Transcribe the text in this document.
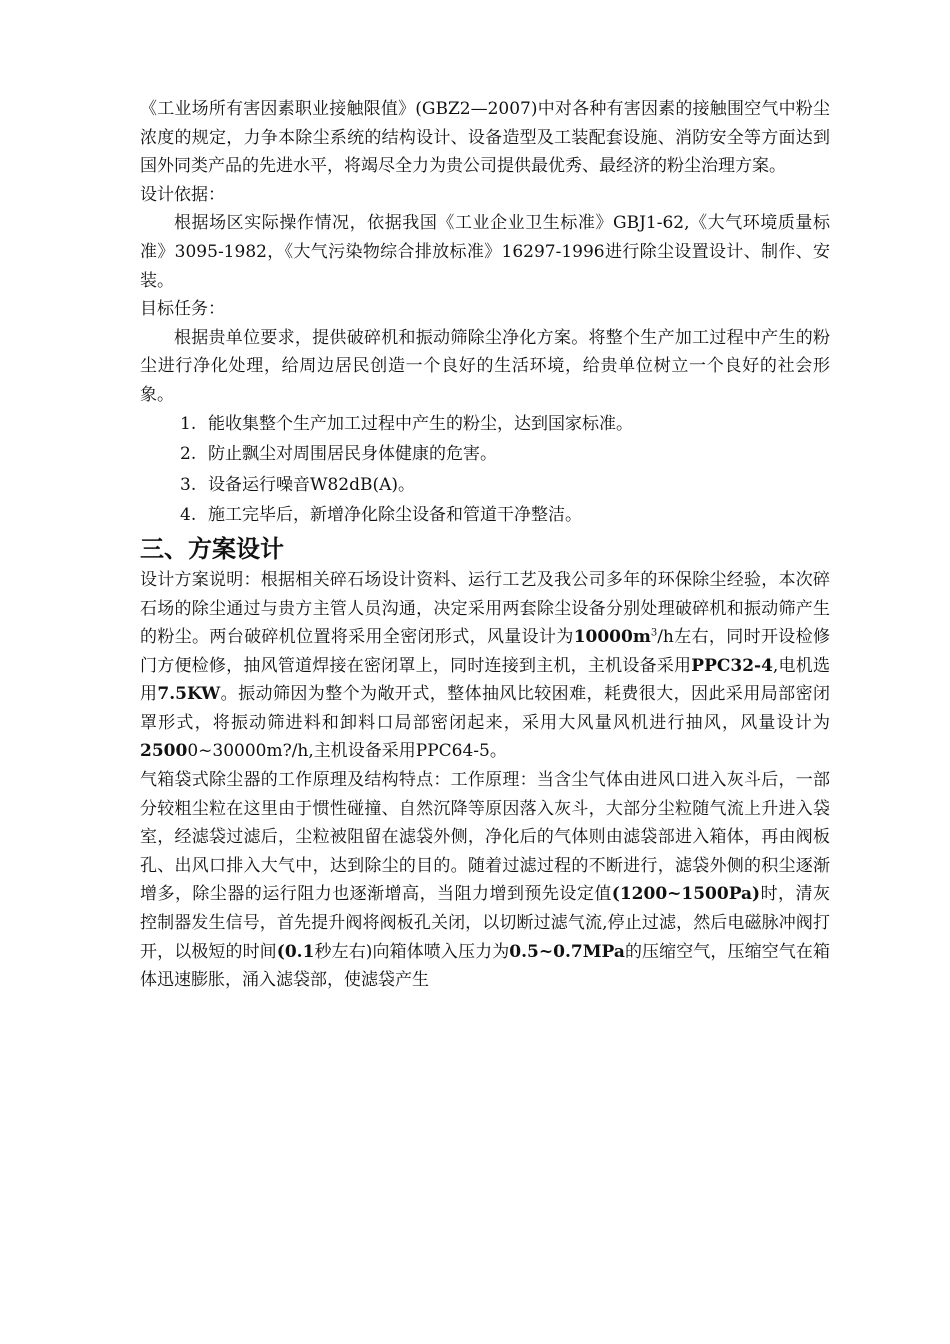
《工业场所有害因素职业接触限值》(GBZ2—2007)中对各种有害因素的接触围空气中粉尘浓度的规定，力争本除尘系统的结构设计、设备造型及工装配套设施、消防安全等方面达到国外同类产品的先进水平，将竭尽全力为贵公司提供最优秀、最经济的粉尘治理方案。

设计依据：

根据场区实际操作情况，依据我国《工业企业卫生标准》GBJ1-62,《大气环境质量标准》3095-1982，《大气污染物综合排放标准》16297-1996进行除尘设置设计、制作、安装。

目标任务：

根据贵单位要求，提供破碎机和振动筛除尘净化方案。将整个生产加工过程中产生的粉尘进行净化处理，给周边居民创造一个良好的生活环境，给贵单位树立一个良好的社会形象。

1. 能收集整个生产加工过程中产生的粉尘，达到国家标准。

2. 防止飘尘对周围居民身体健康的危害。

3. 设备运行噪音W82dB(A)。

4. 施工完毕后，新增净化除尘设备和管道干净整洁。

三、方案设计

设计方案说明：根据相关碎石场设计资料、运行工艺及我公司多年的环保除尘经验，本次碎石场的除尘通过与贵方主管人员沟通，决定采用两套除尘设备分别处理破碎机和振动筛产生的粉尘。两台破碎机位置将采用全密闭形式，风量设计为$10000m^3/h$左右，同时开设检修门方便检修，抽风管道焊接在密闭罩上，同时连接到主机，主机设备采用PPC32-4,电机选用7.5KW。振动筛因为整个为敞开式，整体抽风比较困难，耗费很大，因此采用局部密闭罩形式，将振动筛进料和卸料口局部密闭起来，采用大风量风机进行抽风，风量设计为25000~30000m?/h,主机设备采用PPC64-5。

气箱袋式除尘器的工作原理及结构特点：工作原理：当含尘气体由进风口进入灰斗后，一部分较粗尘粒在这里由于惯性碰撞、自然沉降等原因落入灰斗，大部分尘粒随气流上升进入袋室，经滤袋过滤后，尘粒被阻留在滤袋外侧，净化后的气体则由滤袋部进入箱体，再由阀板孔、出风口排入大气中，达到除尘的目的。随着过滤过程的不断进行，滤袋外侧的积尘逐渐增多，除尘器的运行阻力也逐渐增高，当阻力增到预先设定值(1200~1500Pa)时，清灰控制器发生信号，首先提升阀将阀板孔关闭，以切断过滤气流,停止过滤，然后电磁脉冲阀打开，以极短的时间(0.1秒左右)向箱体喷入压力为0.5~0.7MPa的压缩空气，压缩空气在箱体迅速膨胀，涌入滤袋部，使滤袋产生
